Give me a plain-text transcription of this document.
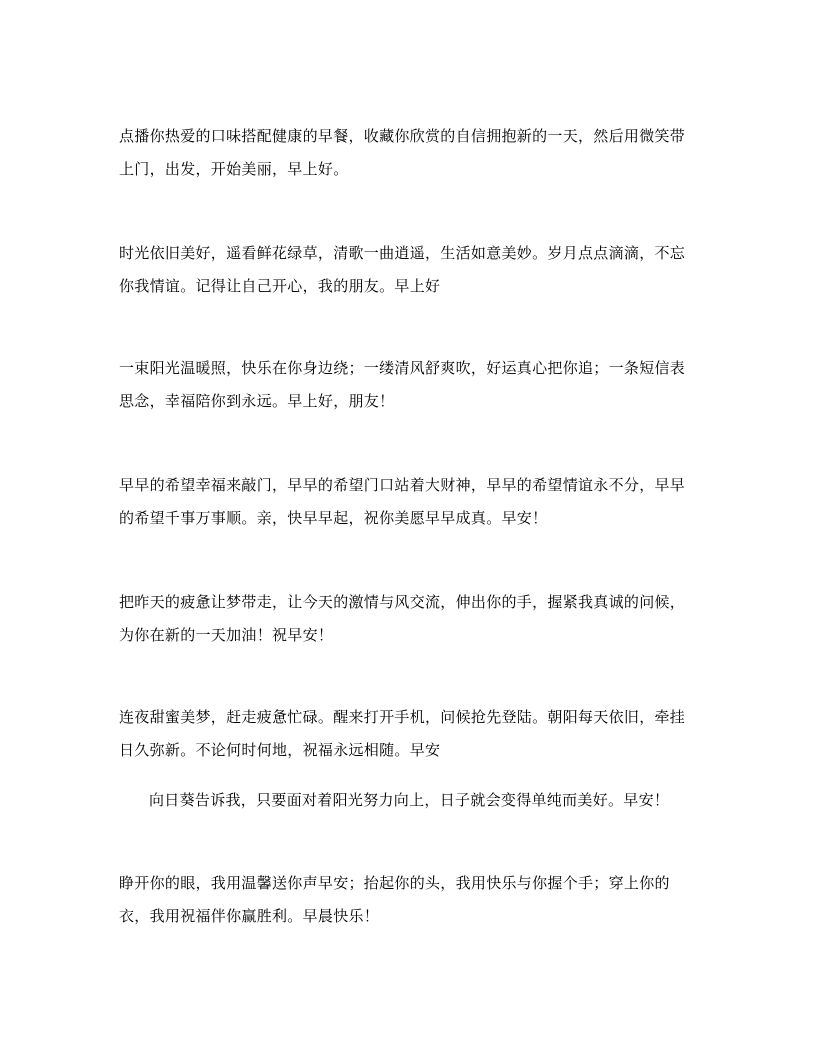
点播你热爱的口味搭配健康的早餐，收藏你欣赏的自信拥抱新的一天，然后用微笑带上门，出发，开始美丽，早上好。

时光依旧美好，遥看鲜花绿草，清歌一曲逍遥，生活如意美妙。岁月点点滴滴，不忘你我情谊。记得让自己开心，我的朋友。早上好

一束阳光温暖照，快乐在你身边绕；一缕清风舒爽吹，好运真心把你追；一条短信表思念，幸福陪你到永远。早上好，朋友！

早早的希望幸福来敲门，早早的希望门口站着大财神，早早的希望情谊永不分，早早的希望千事万事顺。亲，快早早起，祝你美愿早早成真。早安！

把昨天的疲惫让梦带走，让今天的激情与风交流，伸出你的手，握紧我真诚的问候，为你在新的一天加油！祝早安！

连夜甜蜜美梦，赶走疲惫忙碌。醒来打开手机，问候抢先登陆。朝阳每天依旧，牵挂日久弥新。不论何时何地，祝福永远相随。早安

向日葵告诉我，只要面对着阳光努力向上，日子就会变得单纯而美好。早安！

睁开你的眼，我用温馨送你声早安；抬起你的头，我用快乐与你握个手；穿上你的衣，我用祝福伴你赢胜利。早晨快乐！
